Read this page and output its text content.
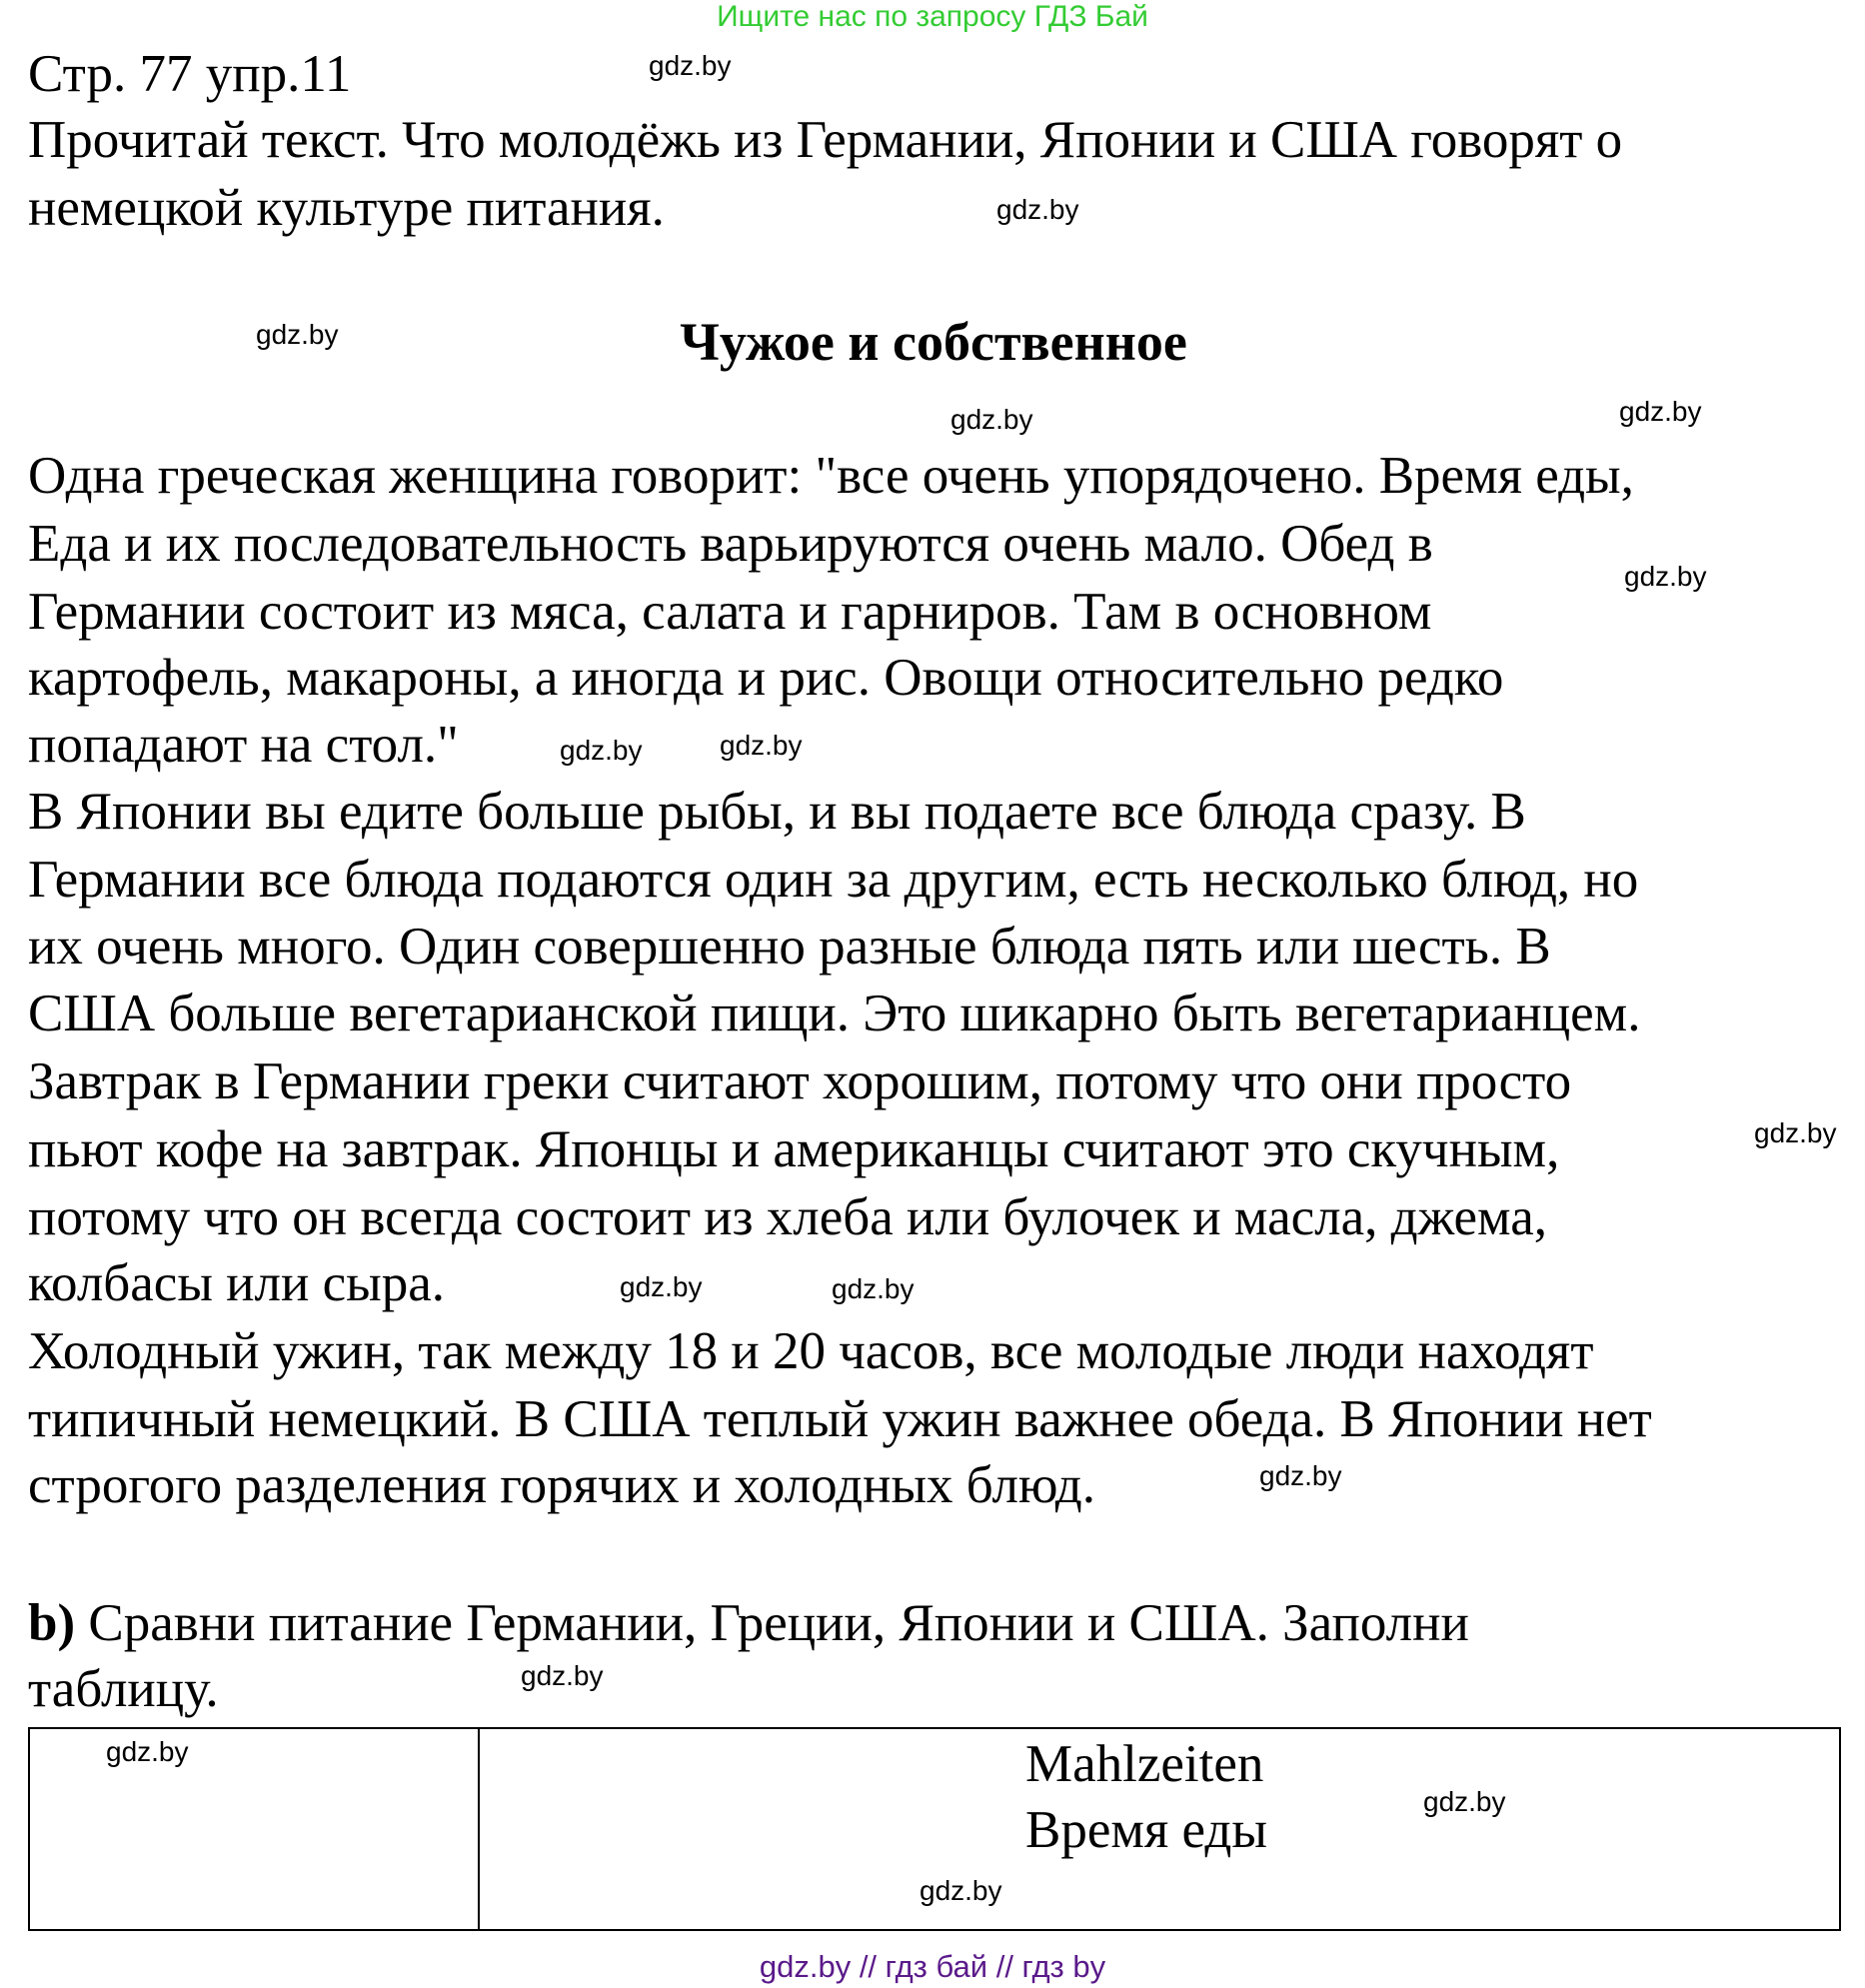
Ищите нас по запросу ГДЗ Бай
Стр. 77 упр.11
Прочитай текст. Что молодёжь из Германии, Японии и США говорят о
немецкой культуре питания.
Чужое и собственное
Одна греческая женщина говорит: "все очень упорядочено. Время еды,
Еда и их последовательность варьируются очень мало. Обед в
Германии состоит из мяса, салата и гарниров. Там в основном
картофель, макароны, а иногда и рис. Овощи относительно редко
попадают на стол."
В Японии вы едите больше рыбы, и вы подаете все блюда сразу. В
Германии все блюда подаются один за другим, есть несколько блюд, но
их очень много. Один совершенно разные блюда пять или шесть. В
США больше вегетарианской пищи. Это шикарно быть вегетарианцем.
Завтрак в Германии греки считают хорошим, потому что они просто
пьют кофе на завтрак. Японцы и американцы считают это скучным,
потому что он всегда состоит из хлеба или булочек и масла, джема,
колбасы или сыра.
Холодный ужин, так между 18 и 20 часов, все молодые люди находят
типичный немецкий. В США теплый ужин важнее обеда. В Японии нет
строгого разделения горячих и холодных блюд.
b) Сравни питание Германии, Греции, Японии и США. Заполни
таблицу.

Mahlzeiten
Время еды
gdz.by
gdz.by
gdz.by
gdz.by
gdz.by
gdz.by
gdz.by	gdz.by
gdz.by
gdz.by
gdz.by
gdz.by
gdz.by
gdz.by
gdz.by
gdz.by
gdz.by // гдз бай // гдз by
